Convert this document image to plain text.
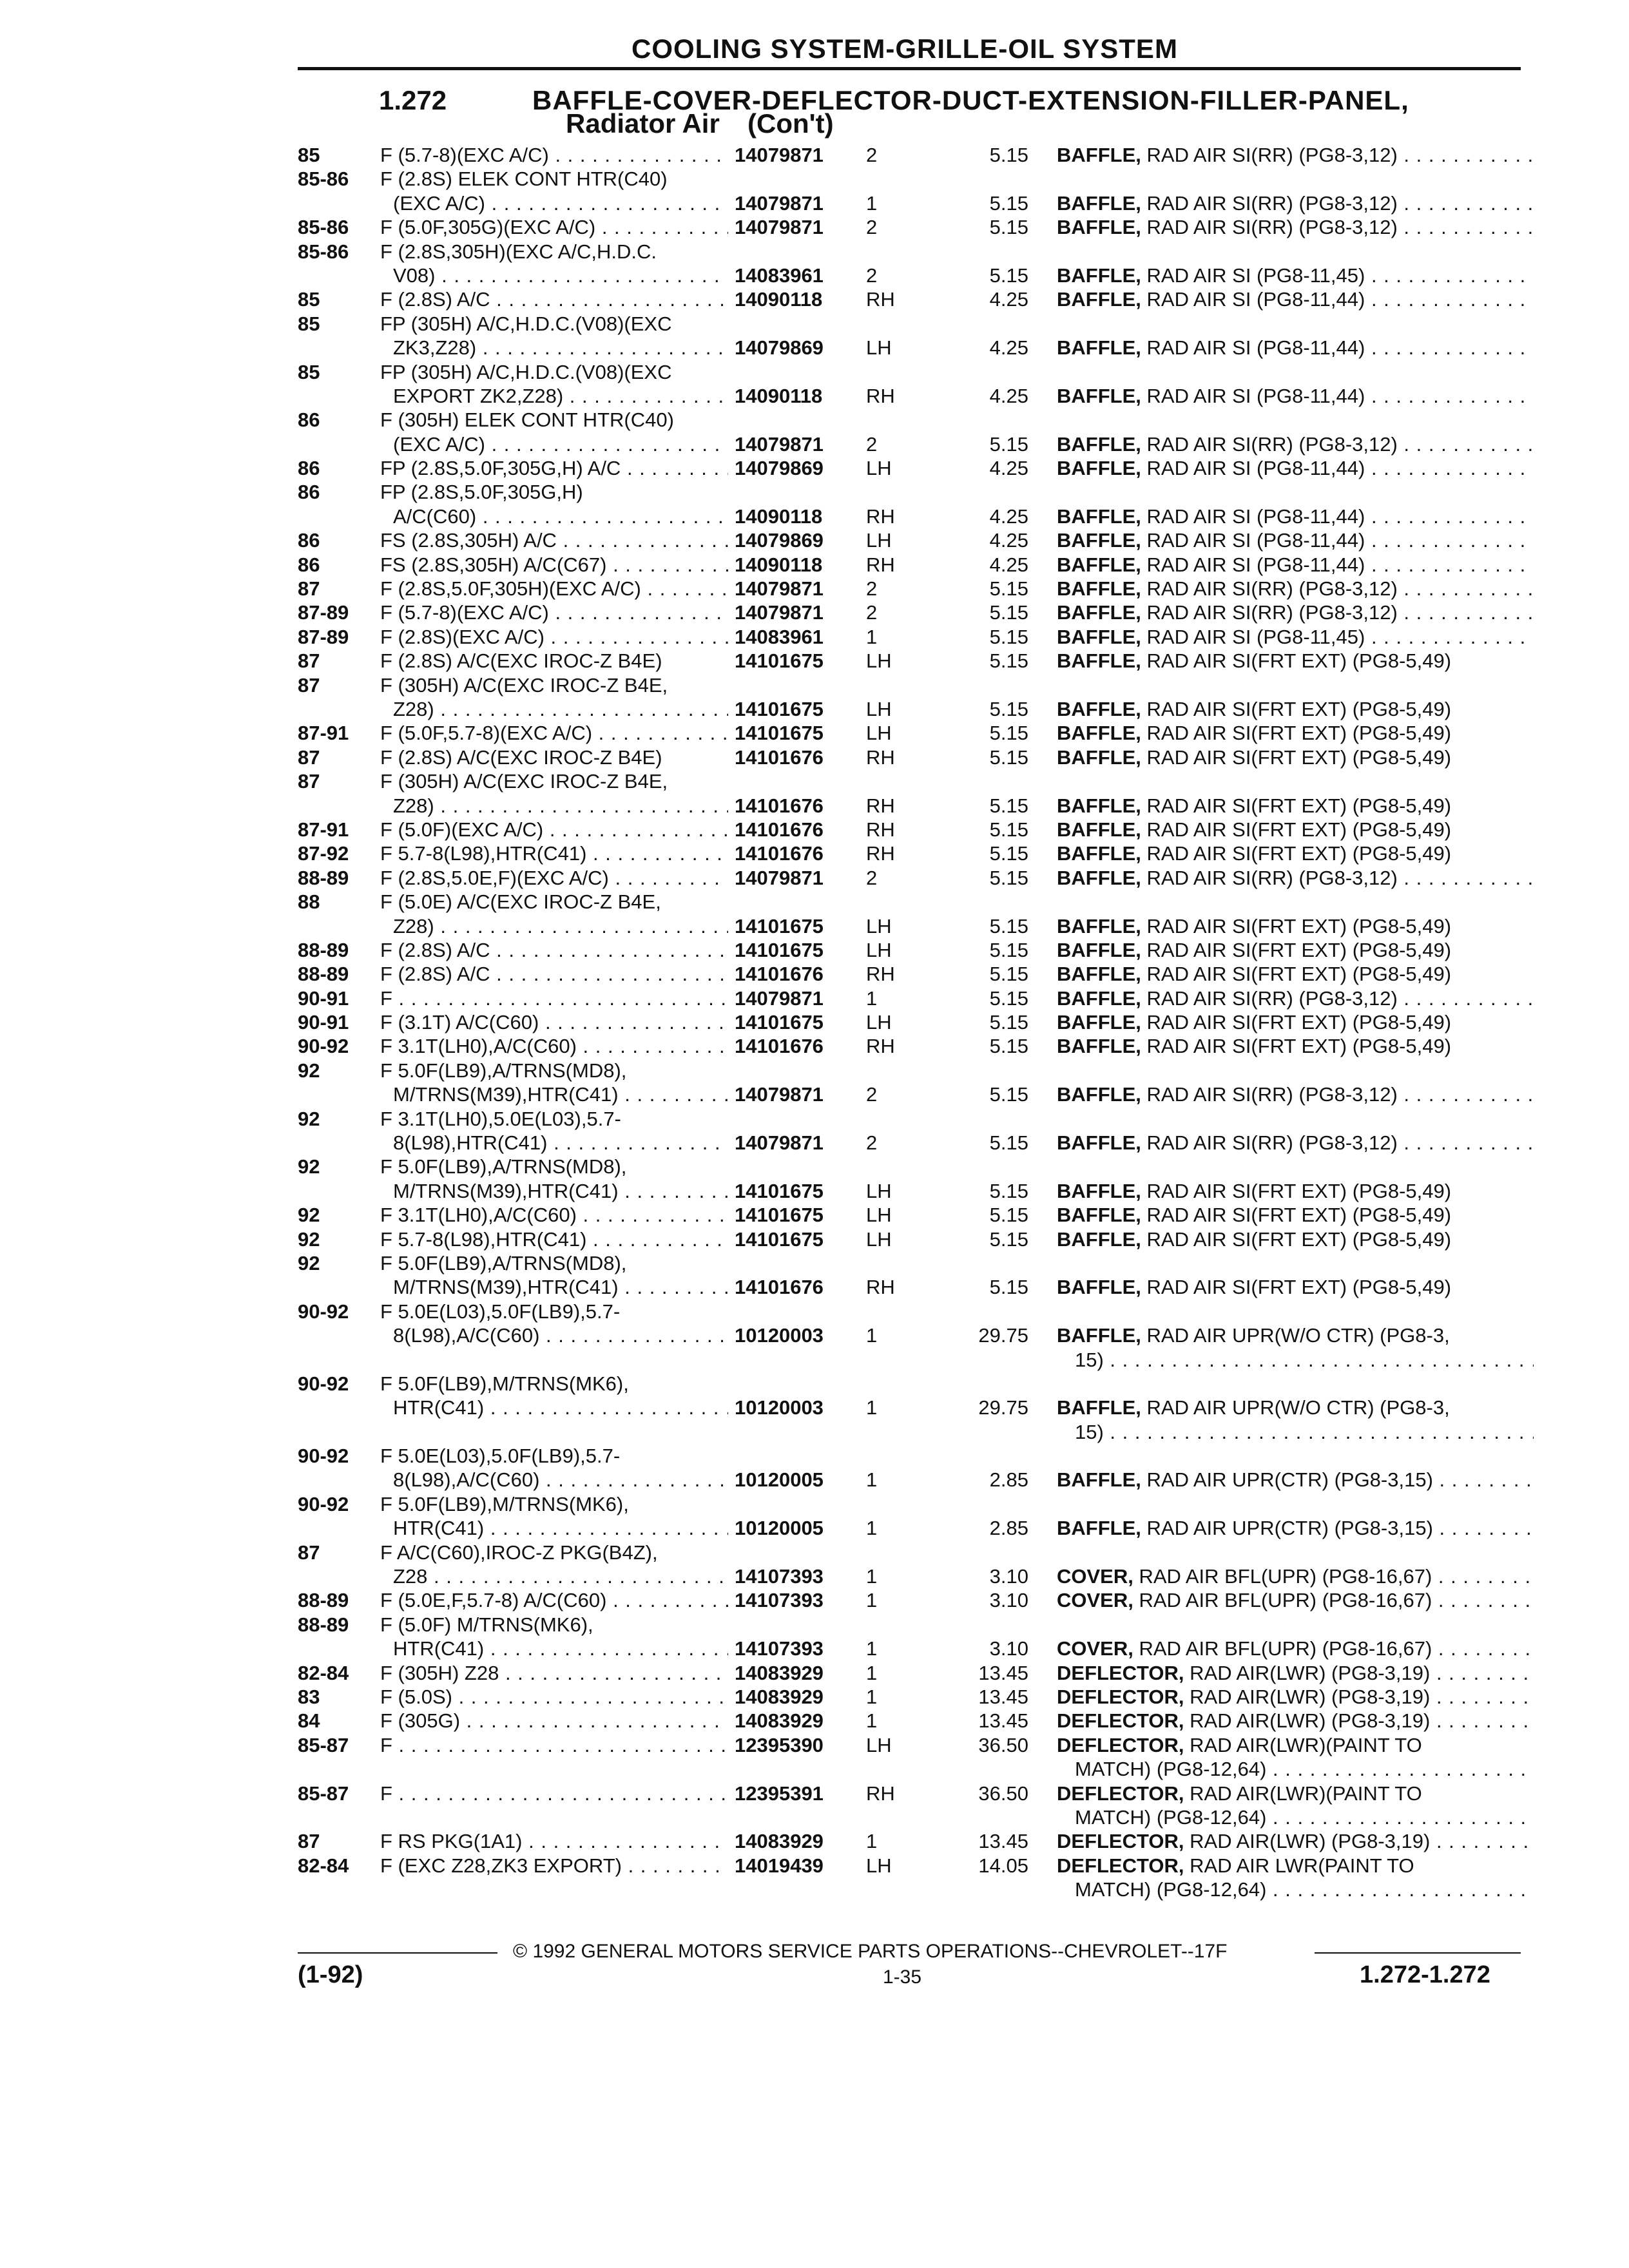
COOLING SYSTEM-GRILLE-OIL SYSTEM
1.272	BAFFLE-COVER-DEFLECTOR-DUCT-EXTENSION-FILLER-PANEL,
Radiator Air (Con't)
85	F (5.7-8)(EXC A/C) . . .	14079871	2	5.15 BAFFLE, RAD AIR SI(RR) (PG8-3,12) . . .
85-86	F (2.8S) ELEK CONT HTR(C40)
(EXC A/C) . . .	14079871	1	5.15 BAFFLE, RAD AIR SI(RR) (PG8-3,12) . . .
85-86	F (5.0F,305G)(EXC A/C) . . .	14079871	2	5.15 BAFFLE, RAD AIR SI(RR) (PG8-3,12) . . .
85-86	F (2.8S,305H)(EXC A/C,H.D.C.
V08) . . .	14083961	2	5.15 BAFFLE, RAD AIR SI (PG8-11,45) . . .
85	F (2.8S) A/C . . .	14090118	RH	4.25 BAFFLE, RAD AIR SI (PG8-11,44) . . .
85	FP (305H) A/C,H.D.C.(V08)(EXC
ZK3,Z28) . . .	14079869	LH	4.25 BAFFLE, RAD AIR SI (PG8-11,44) . . .
85	FP (305H) A/C,H.D.C.(V08)(EXC
EXPORT ZK2,Z28) . . .	14090118	RH	4.25 BAFFLE, RAD AIR SI (PG8-11,44) . . .
86	F (305H) ELEK CONT HTR(C40)
(EXC A/C) . . .	14079871	2	5.15 BAFFLE, RAD AIR SI(RR) (PG8-3,12) . . .
86	FP (2.8S,5.0F,305G,H) A/C . . .	14079869	LH	4.25 BAFFLE, RAD AIR SI (PG8-11,44) . . .
86	FP (2.8S,5.0F,305G,H)
A/C(C60) . . .	14090118	RH	4.25 BAFFLE, RAD AIR SI (PG8-11,44) . . .
86	FS (2.8S,305H) A/C . . .	14079869	LH	4.25 BAFFLE, RAD AIR SI (PG8-11,44) . . .
86	FS (2.8S,305H) A/C(C67) . . .	14090118	RH	4.25 BAFFLE, RAD AIR SI (PG8-11,44) . . .
87	F (2.8S,5.0F,305H)(EXC A/C) . . .	14079871	2	5.15 BAFFLE, RAD AIR SI(RR) (PG8-3,12) . . .
87-89	F (5.7-8)(EXC A/C) . . .	14079871	2	5.15 BAFFLE, RAD AIR SI(RR) (PG8-3,12) . . .
87-89	F (2.8S)(EXC A/C) . . .	14083961	1	5.15 BAFFLE, RAD AIR SI (PG8-11,45) . . .
87	F (2.8S) A/C(EXC IROC-Z B4E)	14101675	LH	5.15 BAFFLE, RAD AIR SI(FRT EXT) (PG8-5,49)
87	F (305H) A/C(EXC IROC-Z B4E,
Z28) . . .	14101675	LH	5.15 BAFFLE, RAD AIR SI(FRT EXT) (PG8-5,49)
87-91	F (5.0F,5.7-8)(EXC A/C) . . .	14101675	LH	5.15 BAFFLE, RAD AIR SI(FRT EXT) (PG8-5,49)
87	F (2.8S) A/C(EXC IROC-Z B4E)	14101676	RH	5.15 BAFFLE, RAD AIR SI(FRT EXT) (PG8-5,49)
87	F (305H) A/C(EXC IROC-Z B4E,
Z28) . . .	14101676	RH	5.15 BAFFLE, RAD AIR SI(FRT EXT) (PG8-5,49)
87-91	F (5.0F)(EXC A/C) . . .	14101676	RH	5.15 BAFFLE, RAD AIR SI(FRT EXT) (PG8-5,49)
87-92	F 5.7-8(L98),HTR(C41) . . .	14101676	RH	5.15 BAFFLE, RAD AIR SI(FRT EXT) (PG8-5,49)
88-89	F (2.8S,5.0E,F)(EXC A/C) . . .	14079871	2	5.15 BAFFLE, RAD AIR SI(RR) (PG8-3,12) . . .
88	F (5.0E) A/C(EXC IROC-Z B4E,
Z28) . . .	14101675	LH	5.15 BAFFLE, RAD AIR SI(FRT EXT) (PG8-5,49)
88-89	F (2.8S) A/C . . .	14101675	LH	5.15 BAFFLE, RAD AIR SI(FRT EXT) (PG8-5,49)
88-89	F (2.8S) A/C . . .	14101676	RH	5.15 BAFFLE, RAD AIR SI(FRT EXT) (PG8-5,49)
90-91	F . . .	14079871	1	5.15 BAFFLE, RAD AIR SI(RR) (PG8-3,12) . . .
90-91	F (3.1T) A/C(C60) . . .	14101675	LH	5.15 BAFFLE, RAD AIR SI(FRT EXT) (PG8-5,49)
90-92	F 3.1T(LH0),A/C(C60) . . .	14101676	RH	5.15 BAFFLE, RAD AIR SI(FRT EXT) (PG8-5,49)
92	F 5.0F(LB9),A/TRNS(MD8),
M/TRNS(M39),HTR(C41) . . .	14079871	2	5.15 BAFFLE, RAD AIR SI(RR) (PG8-3,12) . . .
92	F 3.1T(LH0),5.0E(L03),5.7-
8(L98),HTR(C41) . . .	14079871	2	5.15 BAFFLE, RAD AIR SI(RR) (PG8-3,12) . . .
92	F 5.0F(LB9),A/TRNS(MD8),
M/TRNS(M39),HTR(C41) . . .	14101675	LH	5.15 BAFFLE, RAD AIR SI(FRT EXT) (PG8-5,49)
92	F 3.1T(LH0),A/C(C60) . . .	14101675	LH	5.15 BAFFLE, RAD AIR SI(FRT EXT) (PG8-5,49)
92	F 5.7-8(L98),HTR(C41) . . .	14101675	LH	5.15 BAFFLE, RAD AIR SI(FRT EXT) (PG8-5,49)
92	F 5.0F(LB9),A/TRNS(MD8),
M/TRNS(M39),HTR(C41) . . .	14101676	RH	5.15 BAFFLE, RAD AIR SI(FRT EXT) (PG8-5,49)
90-92	F 5.0E(L03),5.0F(LB9),5.7-
8(L98),A/C(C60) . . .	10120003	1	29.75 BAFFLE, RAD AIR UPR(W/O CTR) (PG8-3,
15) . . .
90-92	F 5.0F(LB9),M/TRNS(MK6),
HTR(C41) . . .	10120003	1	29.75 BAFFLE, RAD AIR UPR(W/O CTR) (PG8-3,
15) . . .
90-92	F 5.0E(L03),5.0F(LB9),5.7-
8(L98),A/C(C60) . . .	10120005	1	2.85 BAFFLE, RAD AIR UPR(CTR) (PG8-3,15) . . .
90-92	F 5.0F(LB9),M/TRNS(MK6),
HTR(C41) . . .	10120005	1	2.85 BAFFLE, RAD AIR UPR(CTR) (PG8-3,15) . . .
87	F A/C(C60),IROC-Z PKG(B4Z),
Z28 . . .	14107393	1	3.10 COVER, RAD AIR BFL(UPR) (PG8-16,67) . . .
88-89	F (5.0E,F,5.7-8) A/C(C60) . . .	14107393	1	3.10 COVER, RAD AIR BFL(UPR) (PG8-16,67) . . .
88-89	F (5.0F) M/TRNS(MK6),
HTR(C41) . . .	14107393	1	3.10 COVER, RAD AIR BFL(UPR) (PG8-16,67) . . .
82-84	F (305H) Z28 . . .	14083929	1	13.45 DEFLECTOR, RAD AIR(LWR) (PG8-3,19) . . .
83	F (5.0S) . . .	14083929	1	13.45 DEFLECTOR, RAD AIR(LWR) (PG8-3,19) . . .
84	F (305G) . . .	14083929	1	13.45 DEFLECTOR, RAD AIR(LWR) (PG8-3,19) . . .
85-87	F . . .	12395390	LH	36.50 DEFLECTOR, RAD AIR(LWR)(PAINT TO
MATCH) (PG8-12,64) . . .
85-87	F . . .	12395391	RH	36.50 DEFLECTOR, RAD AIR(LWR)(PAINT TO
MATCH) (PG8-12,64) . . .
87	F RS PKG(1A1) . . .	14083929	1	13.45 DEFLECTOR, RAD AIR(LWR) (PG8-3,19) . . .
82-84	F (EXC Z28,ZK3 EXPORT) . . .	14019439	LH	14.05 DEFLECTOR, RAD AIR LWR(PAINT TO
MATCH) (PG8-12,64) . . .
© 1992 GENERAL MOTORS SERVICE PARTS OPERATIONS--CHEVROLET--17F
(1-92)	1-35	1.272-1.272
